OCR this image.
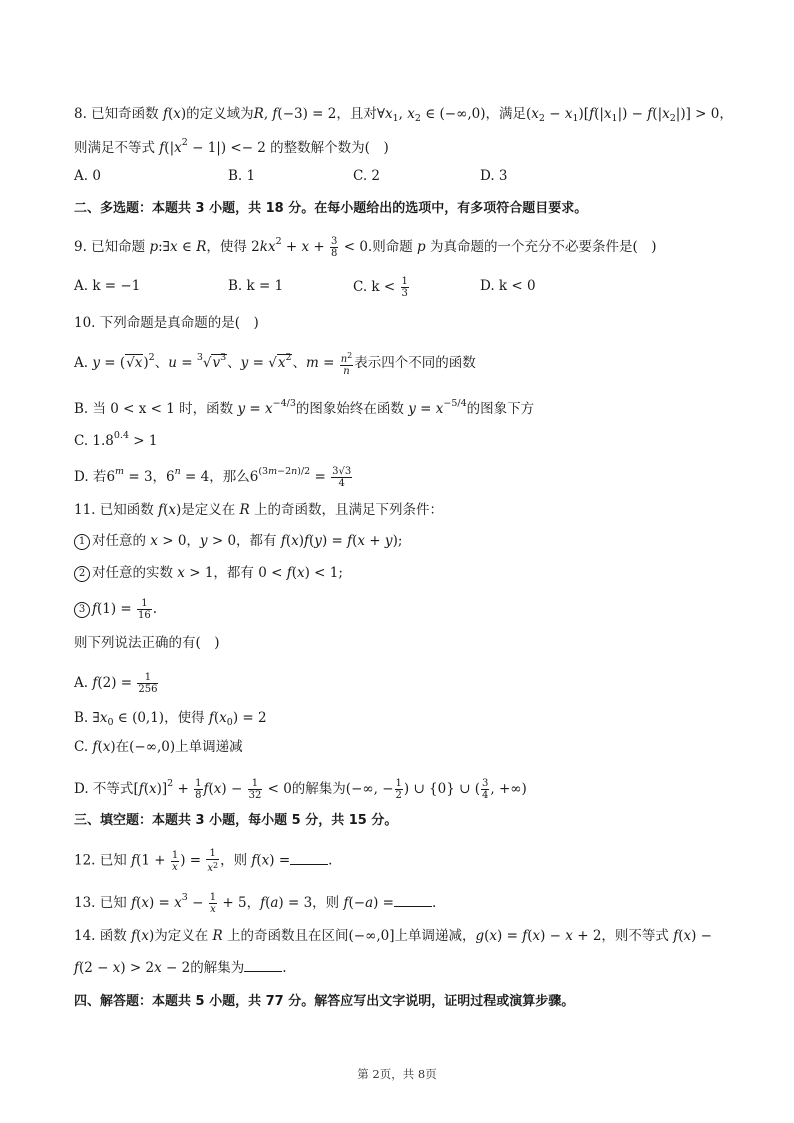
8. 已知奇函数 f(x)的定义域为R, f(−3) = 2，且对$\forall x_1$, $x_2$ ∈ (−∞,0)，满足$(x_2 - x_1)[f(|x_1|) - f(|x_2|)] > 0$，
则满足不等式 $f(|x^2 - 1|) <- 2$ 的整数解个数为(　)
A. 0	B. 1	C. 2	D. 3
二、多选题：本题共 3 小题，共 18 分。在每小题给出的选项中，有多项符合题目要求。
9. 已知命题 p:∃x ∈ R，使得 $2kx^2 + x + \frac{3}{8} < 0$.则命题 p 为真命题的一个充分不必要条件是(　)
A. k = −1	B. k = 1	C. $k < \frac{1}{3}$	D. k < 0
10. 下列命题是真命题的是(　)
A. $y = (√x)^2$、$u = ^3√v^3$、$y = √x^2$、$m = \frac{n^2}{n}$ 表示四个不同的函数
B. 当 0 < x < 1 时，函数 $y = x^{-4/3}$的图象始终在函数 $y = x^{-5/4}$的图象下方
C. $1.8^{0.4} > 1$
D. 若$6^m = 3$，$6^n = 4$，那么$6^{(3m-2n)/2} = \frac{3√3}{4}$
11. 已知函数 f(x)是定义在 R 上的奇函数，且满足下列条件：
1 对任意的 x > 0，y > 0，都有 f(x)f(y) = f(x + y);
2 对任意的实数 x > 1，都有 0 < f(x) < 1;
3 $f(1) = \frac{1}{16}$ .
则下列说法正确的有(　)
A. $f(2) = \frac{1}{256}$
B. $\exists x_0$ ∈ (0,1)，使得 $f(x_0) = 2$
C. f(x)在(−∞,0)上单调递减
D. 不等式$[f(x)]^2 + \frac{1}{8} f(x) - \frac{1}{32} < 0$的解集为(−∞, − $\frac{1}{2}$ ) ∪ {0} ∪ ( $\frac{3}{4}$ , +∞)
三、填空题：本题共 3 小题，每小题 5 分，共 15 分。
12. 已知 $f(1 + \frac{1}{x}$ ) = $\frac{1}{x^2}$ ，则 f(x) =	.
13. 已知 $f(x) = x^3 - \frac{1}{x} + 5$，f(a) = 3，则 f(−a) =	.
14. 函数 f(x)为定义在 R 上的奇函数且在区间(−∞,0]上单调递减，g(x) = f(x) − x + 2，则不等式 f(x) −
f(2 − x) > 2x − 2的解集为	.
四、解答题：本题共 5 小题，共 77 分。解答应写出文字说明，证明过程或演算步骤。
第 2页，共 8页
